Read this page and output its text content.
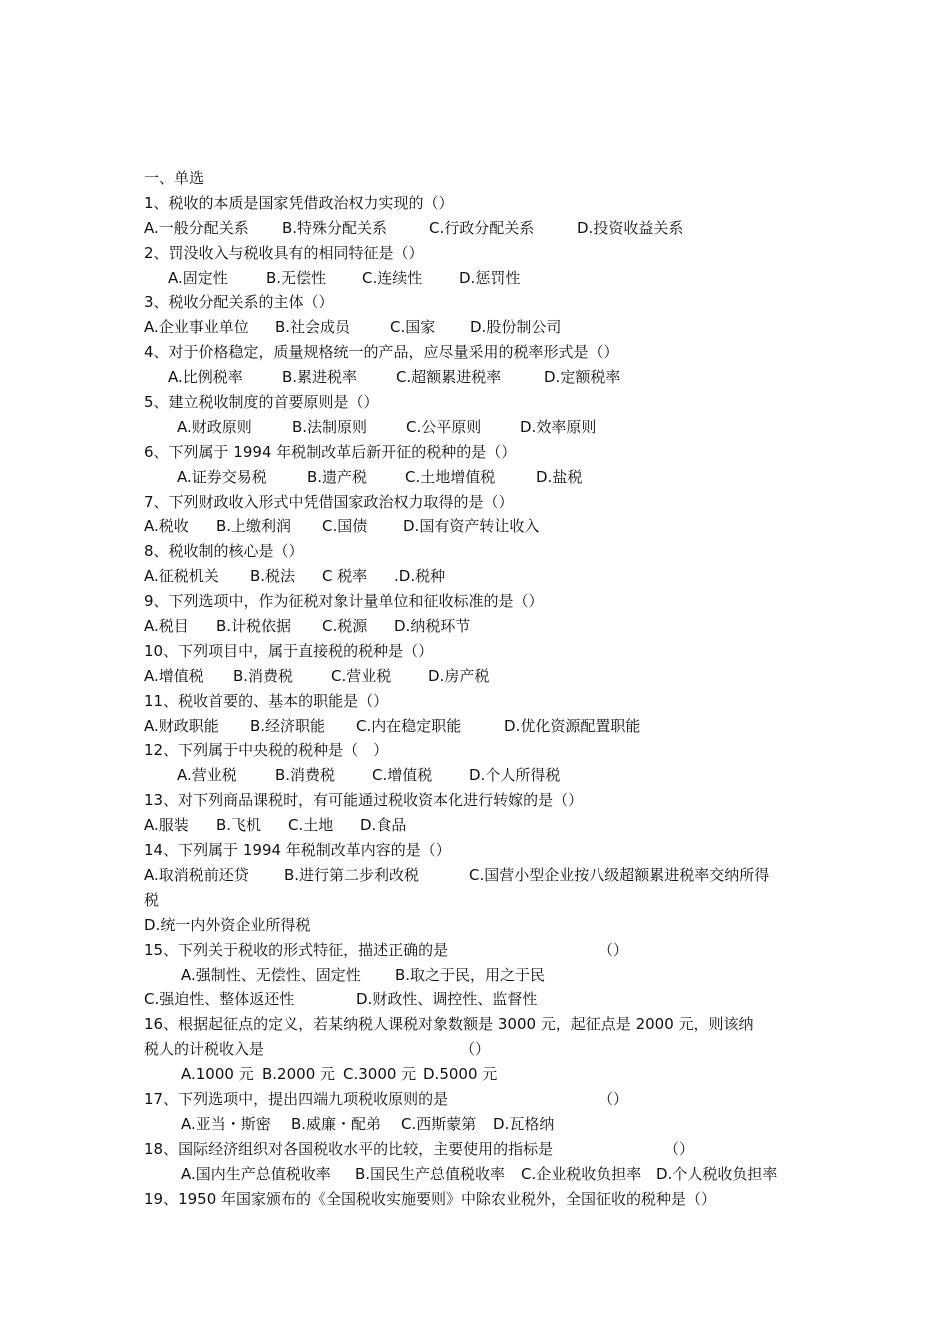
一、单选
1、税收的本质是国家凭借政治权力实现的（）
A.一般分配关系 B.特殊分配关系	C.行政分配关系	D.投资收益关系
2、罚没收入与税收具有的相同特征是（）
A.固定性	B.无偿性 C.连续性 D.惩罚性
3、税收分配关系的主体（）
A.企业事业单位 B.社会成员	C.国家 D.股份制公司
4、对于价格稳定，质量规格统一的产品，应尽量采用的税率形式是（）
A.比例税率	B.累进税率	C.超额累进税率	D.定额税率
5、建立税收制度的首要原则是（）
A.财政原则	B.法制原则	C.公平原则	D.效率原则
6、下列属于 1994 年税制改革后新开征的税种的是（）
A.证券交易税	B.遗产税	C.土地增值税	D.盐税
7、下列财政收入形式中凭借国家政治权力取得的是（）
A.税收 B.上缴利润 C.国债 D.国有资产转让收入
8、税收制的核心是（）
A.征税机关 B.税法 C 税率 .D.税种
9、下列选项中，作为征税对象计量单位和征收标准的是（）
A.税目 B.计税依据 C.税源 D.纳税环节
10、下列项目中，属于直接税的税种是（）
A.增值税 B.消费税	C.营业税 D.房产税
11、税收首要的、基本的职能是（）
A.财政职能 B.经济职能 C.内在稳定职能	D.优化资源配置职能
12、下列属于中央税的税种是（　）
A.营业税	B.消费税 C.增值税 D.个人所得税
13、对下列商品课税时，有可能通过税收资本化进行转嫁的是（）
A.服装 B.飞机 C.土地 D.食品
14、下列属于 1994 年税制改革内容的是（）
A.取消税前还贷 B.进行第二步利改税	C.国营小型企业按八级超额累进税率交纳所得
税
D.统一内外资企业所得税
15、下列关于税收的形式特征，描述正确的是	（）
A.强制性、无偿性、固定性 B.取之于民，用之于民
C.强迫性、整体返还性	D.财政性、调控性、监督性
16、根据起征点的定义，若某纳税人课税对象数额是 3000 元，起征点是 2000 元，则该纳
税人的计税收入是	（）
A.1000 元 B.2000 元 C.3000 元 D.5000 元
17、下列选项中，提出四端九项税收原则的是	（）
A.亚当・斯密 B.威廉・配弟 C.西斯蒙第 D.瓦格纳
18、国际经济组织对各国税收水平的比较，主要使用的指标是	（）
A.国内生产总值税收率 B.国民生产总值税收率 C.企业税收负担率 D.个人税收负担率
19、1950 年国家颁布的《全国税收实施要则》中除农业税外，全国征收的税种是（）
